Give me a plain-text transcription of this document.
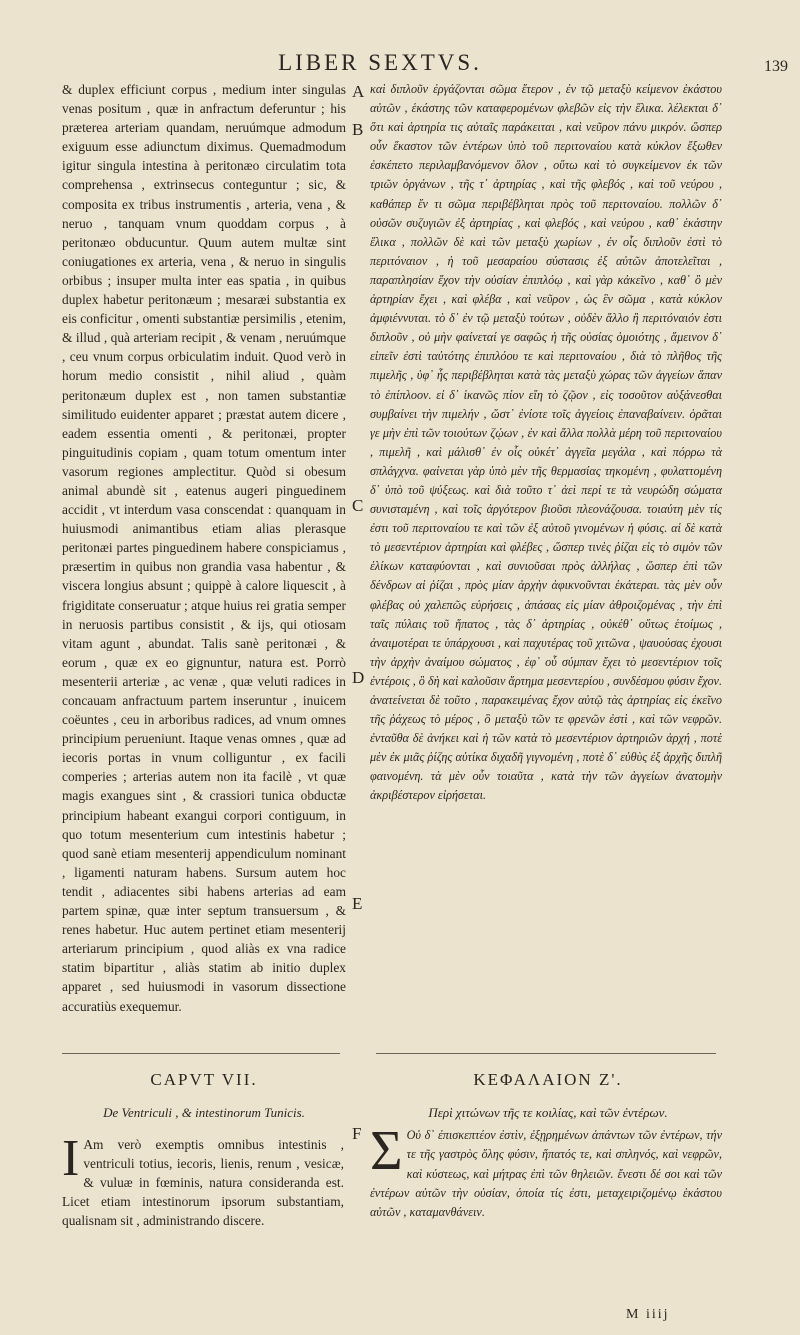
LIBER SEXTVS.	139

& duplex efficiunt corpus , medium inter singulas venas positum , quæ in anfractum deferuntur ; his præterea arteriam quandam, neruúmque admodum exiguum esse adiunctum diximus. Quemadmodum igitur singula intestina à peritonæo circulatim tota comprehensa , extrinsecus conteguntur ; sic, & composita ex tribus instrumentis , arteria, vena , & neruo , tanquam vnum quoddam corpus , à peritonæo obducuntur. Quum autem multæ sint coniugationes ex arteria, vena , & neruo in singulis orbibus ; insuper multa inter eas spatia , in quibus duplex habetur peritonæum ; mesaræi substantia ex eis conficitur , omenti substantiæ persimilis , etenim, & illud , quà arteriam recipit , & venam , neruúmque , ceu vnum corpus orbiculatim induit. Quod verò in horum medio consistit , nihil aliud , quàm peritonæum duplex est , non tamen substantiæ similitudo euidenter apparet ; præstat autem dicere , eadem essentia omenti , & peritonæi, propter pinguitudinis copiam , quam totum omentum inter vasorum regiones amplectitur. Quòd si obesum animal abundè sit , eatenus augeri pinguedinem accidit , vt interdum vasa conscendat : quanquam in huiusmodi animantibus etiam alias plerasque peritonæi partes pinguedinem habere conspiciamus , præsertim in quibus non grandia vasa habentur , & viscera longius absunt ; quippè à calore liquescit , à frigiditate conseruatur ; atque huius rei gratia semper in neruosis partibus consistit , & ijs, qui otiosam vitam agunt , abundat. Talis sanè peritonæi , & eorum , quæ ex eo gignuntur, natura est. Porrò mesenterii arteriæ , ac venæ , quæ veluti radices in concauam anfractuum partem inseruntur , inuicem coëuntes , ceu in arboribus radices, ad vnum omnes principium perueniunt. Itaque venas omnes , quæ ad iecoris portas in vnum colliguntur , ex facili comperies ; arterias autem non ita facilè , vt quæ magis exangues sint , & crassiori tunica obductæ principium habeant exangui corpori contiguum, in quo totum mesenterium cum intestinis habetur ; quod sanè etiam mesenterij appendiculum nominant , ligamenti naturam habens. Sursum autem hoc tendit , adiacentes sibi habens arterias ad eam partem spinæ, quæ inter septum transuersum , & renes habetur. Huc autem pertinet etiam mesenterij arteriarum principium , quod aliàs ex vna radice statim bipartitur , aliàs statim ab initio duplex apparet , sed huiusmodi in vasorum dissectione accuratiùs exequemur.

A
B
C
D
E
F

καὶ διπλοῦν ἐργάζονται σῶμα ἕτερον , ἐν τῷ μεταξὺ κείμενον ἑκάστου αὐτῶν , ἑκάστης τῶν καταφερομένων φλεβῶν εἰς τὴν ἕλικα. λέλεκται δ᾿ ὅτι καὶ ἀρτηρία τις αὐταῖς παράκειται , καὶ νεῦρον πάνυ μικρόν. ὥσπερ οὖν ἕκαστον τῶν ἐντέρων ὑπὸ τοῦ περιτοναίου κατὰ κύκλον ἔξωθεν ἐσκέπετο περιλαμβανόμενον ὅλον , οὕτω καὶ τὸ συγκείμενον ἐκ τῶν τριῶν ὀργάνων , τῆς τ᾿ ἀρτηρίας , καὶ τῆς φλεβός , καὶ τοῦ νεύρου , καθάπερ ἕν τι σῶμα περιβέβληται πρὸς τοῦ περιτοναίου. πολλῶν δ᾿ οὐσῶν συζυγιῶν ἐξ ἀρτηρίας , καὶ φλεβός , καὶ νεύρου , καθ᾿ ἑκάστην ἕλικα , πολλῶν δὲ καὶ τῶν μεταξὺ χωρίων , ἐν οἷς διπλοῦν ἐστὶ τὸ περιτόναιον , ἡ τοῦ μεσαραίου σύστασις ἐξ αὐτῶν ἀποτελεῖται , παραπλησίαν ἔχον τὴν οὐσίαν ἐπιπλόῳ , καὶ γὰρ κἀκεῖνο , καθ᾿ ὃ μὲν ἀρτηρίαν ἔχει , καὶ φλέβα , καὶ νεῦρον , ὡς ἓν σῶμα , κατὰ κύκλον ἀμφιέννυται. τὸ δ᾿ ἐν τῷ μεταξὺ τούτων , οὐδὲν ἄλλο ἢ περιτόναιόν ἐστι διπλοῦν , οὐ μὴν φαίνεταί γε σαφῶς ἡ τῆς οὐσίας ὁμοιότης , ἄμεινον δ᾿ εἰπεῖν ἐστὶ ταὐτότης ἐπιπλόου τε καὶ περιτοναίου , διὰ τὸ πλῆθος τῆς πιμελῆς , ὑφ᾿ ἧς περιβέβληται κατὰ τὰς μεταξὺ χώρας τῶν ἀγγείων ἅπαν τὸ ἐπίπλοον. εἰ δ᾿ ἱκανῶς πίον εἴη τὸ ζῷον , εἰς τοσοῦτον αὐξάνεσθαι συμβαίνει τὴν πιμελήν , ὥστ᾿ ἐνίοτε τοῖς ἀγγείοις ἐπαναβαίνειν. ὁρᾶται γε μὴν ἐπὶ τῶν τοιούτων ζῴων , ἐν καὶ ἄλλα πολλὰ μέρη τοῦ περιτοναίου , πιμελῆ , καὶ μάλισθ᾿ ἐν οἷς οὐκέτ᾿ ἀγγεῖα μεγάλα , καὶ πόρρω τὰ σπλάγχνα. φαίνεται γὰρ ὑπὸ μὲν τῆς θερμασίας τηκομένη , φυλαττομένη δ᾿ ὑπὸ τοῦ ψύξεως. καὶ διὰ τοῦτο τ᾿ ἀεὶ περί τε τὰ νευρώδη σώματα συνισταμένη , καὶ τοῖς ἀργότερον βιοῦσι πλεονάζουσα. τοιαύτη μὲν τίς ἐστι τοῦ περιτοναίου τε καὶ τῶν ἐξ αὐτοῦ γινομένων ἡ φύσις. αἱ δὲ κατὰ τὸ μεσεντέριον ἀρτηρίαι καὶ φλέβες , ὥσπερ τινὲς ῥίζαι εἰς τὸ σιμὸν τῶν ἑλίκων καταφύονται , καὶ συνιοῦσαι πρὸς ἀλλήλας , ὥσπερ ἐπὶ τῶν δένδρων αἱ ῥίζαι , πρὸς μίαν ἀρχὴν ἀφικνοῦνται ἑκάτεραι. τὰς μὲν οὖν φλέβας οὐ χαλεπῶς εὑρήσεις , ἁπάσας εἰς μίαν ἀθροιζομένας , τὴν ἐπὶ ταῖς πύλαις τοῦ ἥπατος , τὰς δ᾿ ἀρτηρίας , οὐκέθ᾿ οὕτως ἑτοίμως , ἀναιμοτέραι τε ὑπάρχουσι , καὶ παχυτέρας τοῦ χιτῶνα , ψαυούσας ἐχουσι τὴν ἀρχὴν ἀναίμου σώματος , ἐφ᾿ οὗ σύμπαν ἔχει τὸ μεσεντέριον τοῖς ἐντέροις , ὃ δὴ καὶ καλοῦσιν ἄρτημα μεσεντερίου , συνδέσμου φύσιν ἔχον. ἀνατείνεται δὲ τοῦτο , παρακειμένας ἔχον αὐτῷ τὰς ἀρτηρίας εἰς ἐκεῖνο τῆς ῥάχεως τὸ μέρος , ὃ μεταξὺ τῶν τε φρενῶν ἐστὶ , καὶ τῶν νεφρῶν. ἐνταῦθα δὲ ἀνήκει καὶ ἡ τῶν κατὰ τὸ μεσεντέριον ἀρτηριῶν ἀρχή , ποτὲ μὲν ἐκ μιᾶς ῥίζης αὐτίκα διχαδῆ γιγνομένη , ποτὲ δ᾿ εὐθὺς ἐξ ἀρχῆς διπλῆ φαινομένη. τὰ μὲν οὖν τοιαῦτα , κατὰ τὴν τῶν ἀγγείων ἀνατομὴν ἀκριβέστερον εἰρήσεται.

CAPVT VII.	ΚΕΦΑΛΑΙΟΝ Ζ'.
De Ventriculi , & intestinorum Tunicis.	Περὶ χιτώνων τῆς τε κοιλίας, καὶ τῶν ἐντέρων.
I Am verò exemptis omnibus intestinis , ventriculi totius, iecoris, lienis, renum , vesicæ, & vuluæ in fœminis, natura consideranda est. Licet etiam intestinorum ipsorum substantiam, qualisnam sit , administrando discere.
Σ Οὐ δ᾿ ἐπισκεπτέον ἐστὶν, ἐξῃρημένων ἁπάντων τῶν ἐντέρων, τήν τε τῆς γαστρὸς ὅλης φύσιν, ἥπατός τε, καὶ σπληνός, καὶ νεφρῶν, καὶ κύστεως, καὶ μήτρας ἐπὶ τῶν θηλειῶν. ἔνεστι δέ σοι καὶ τῶν ἐντέρων αὐτῶν τὴν οὐσίαν, ὁποία τίς ἐστι, μεταχειριζομένῳ ἑκάστου αὐτῶν , καταμανθάνειν.
M iiij
